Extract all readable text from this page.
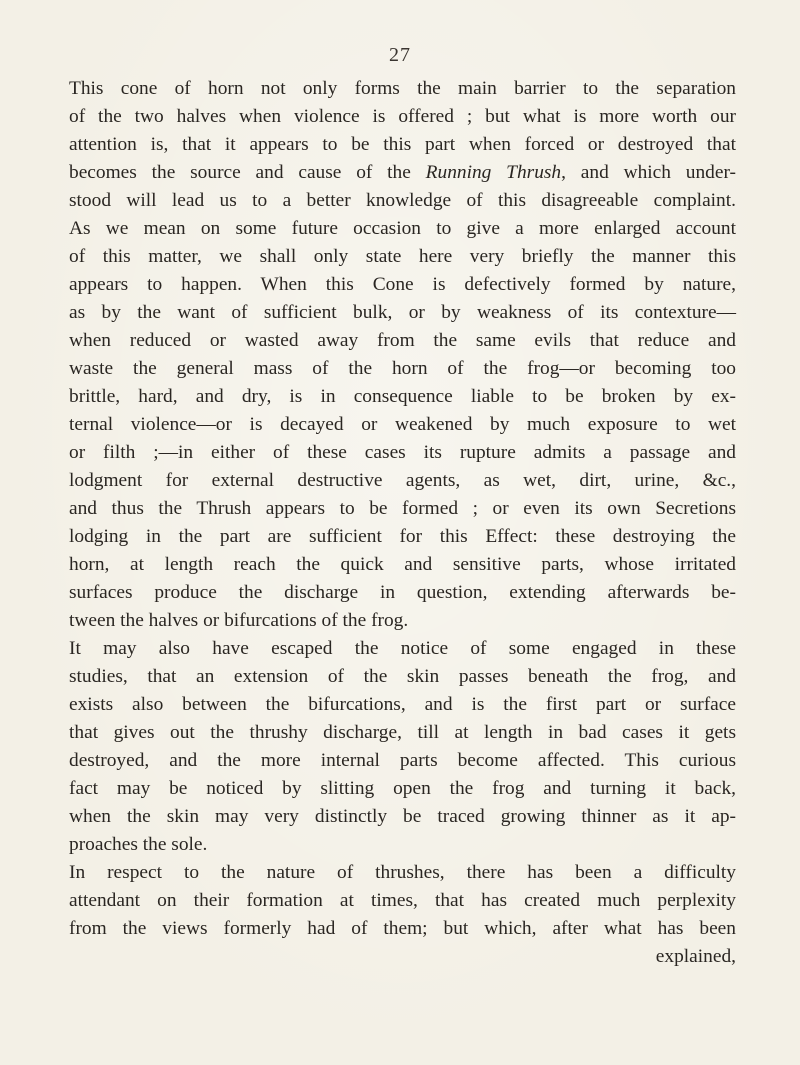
27
This cone of horn not only forms the main barrier to the separation
of the two halves when violence is offered ; but what is more worth our
attention is, that it appears to be this part when forced or destroyed that
becomes the source and cause of the Running Thrush, and which under-
stood will lead us to a better knowledge of this disagreeable complaint.
As we mean on some future occasion to give a more enlarged account
of this matter, we shall only state here very briefly the manner this
appears to happen. When this Cone is defectively formed by nature,
as by the want of sufficient bulk, or by weakness of its contexture—
when reduced or wasted away from the same evils that reduce and
waste the general mass of the horn of the frog—or becoming too
brittle, hard, and dry, is in consequence liable to be broken by ex-
ternal violence—or is decayed or weakened by much exposure to wet
or filth ;—in either of these cases its rupture admits a passage and
lodgment for external destructive agents, as wet, dirt, urine, &c.,
and thus the Thrush appears to be formed ; or even its own Secretions
lodging in the part are sufficient for this Effect: these destroying the
horn, at length reach the quick and sensitive parts, whose irritated
surfaces produce the discharge in question, extending afterwards be-
tween the halves or bifurcations of the frog.
It may also have escaped the notice of some engaged in these
studies, that an extension of the skin passes beneath the frog, and
exists also between the bifurcations, and is the first part or surface
that gives out the thrushy discharge, till at length in bad cases it gets
destroyed, and the more internal parts become affected. This curious
fact may be noticed by slitting open the frog and turning it back,
when the skin may very distinctly be traced growing thinner as it ap-
proaches the sole.
In respect to the nature of thrushes, there has been a difficulty
attendant on their formation at times, that has created much perplexity
from the views formerly had of them; but which, after what has been
explained,
